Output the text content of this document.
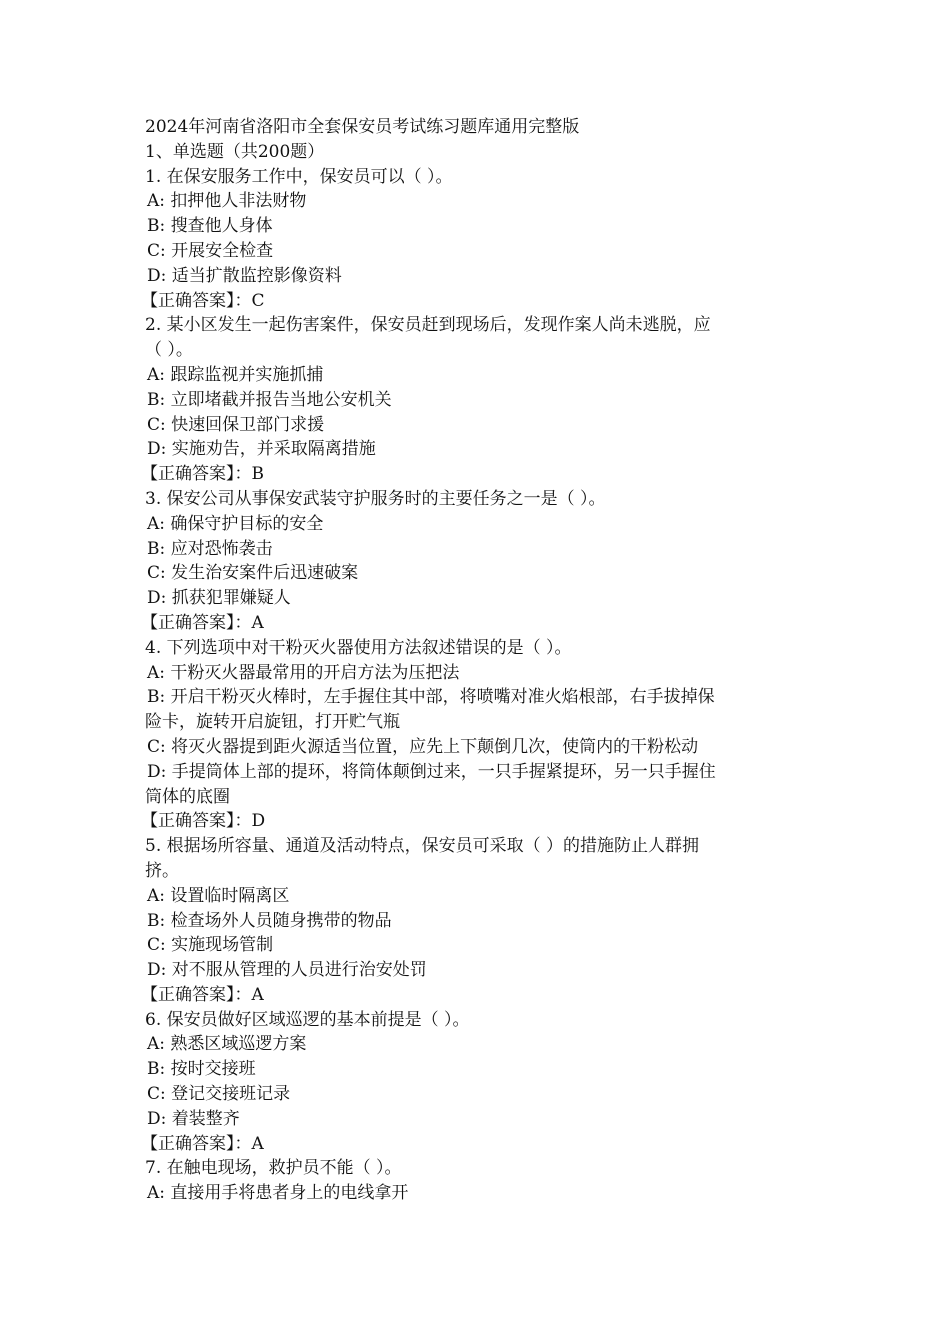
2024年河南省洛阳市全套保安员考试练习题库通用完整版
1、单选题（共200题）
1. 在保安服务工作中，保安员可以（ ）。
A: 扣押他人非法财物
B: 搜查他人身体
C: 开展安全检查
D: 适当扩散监控影像资料
【正确答案】：C
2. 某小区发生一起伤害案件，保安员赶到现场后，发现作案人尚未逃脱，应
（ ）。
A: 跟踪监视并实施抓捕
B: 立即堵截并报告当地公安机关
C: 快速回保卫部门求援
D: 实施劝告，并采取隔离措施
【正确答案】：B
3. 保安公司从事保安武装守护服务时的主要任务之一是（ ）。
A: 确保守护目标的安全
B: 应对恐怖袭击
C: 发生治安案件后迅速破案
D: 抓获犯罪嫌疑人
【正确答案】：A
4. 下列选项中对干粉灭火器使用方法叙述错误的是（ ）。
A: 干粉灭火器最常用的开启方法为压把法
B: 开启干粉灭火棒时，左手握住其中部，将喷嘴对准火焰根部，右手拔掉保
险卡，旋转开启旋钮，打开贮气瓶
C: 将灭火器提到距火源适当位置，应先上下颠倒几次，使筒内的干粉松动
D: 手提筒体上部的提环，将筒体颠倒过来，一只手握紧提环，另一只手握住
筒体的底圈
【正确答案】：D
5. 根据场所容量、通道及活动特点，保安员可采取（ ）的措施防止人群拥
挤。
A: 设置临时隔离区
B: 检查场外人员随身携带的物品
C: 实施现场管制
D: 对不服从管理的人员进行治安处罚
【正确答案】：A
6. 保安员做好区域巡逻的基本前提是（ ）。
A: 熟悉区域巡逻方案
B: 按时交接班
C: 登记交接班记录
D: 着装整齐
【正确答案】：A
7. 在触电现场，救护员不能（ ）。
A: 直接用手将患者身上的电线拿开
